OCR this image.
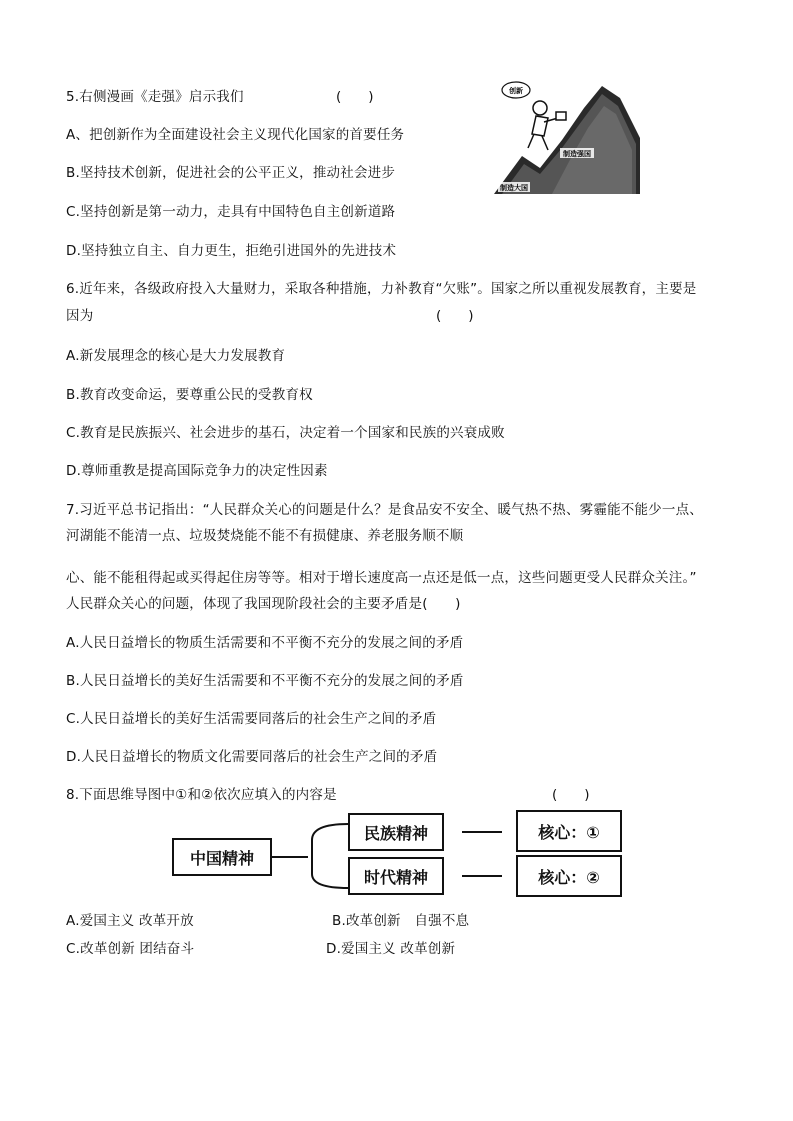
5.右侧漫画《走强》启示我们	(　　)	创新
制造强国
制造大国
A、把创新作为全面建设社会主义现代化国家的首要任务
B.坚持技术创新，促进社会的公平正义，推动社会进步
C.坚持创新是第一动力，走具有中国特色自主创新道路
D.坚持独立自主、自力更生，拒绝引进国外的先进技术
6.近年来，各级政府投入大量财力，采取各种措施，力补教育“欠账”。国家之所以重视发展教育，主要是
因为	(　　)
A.新发展理念的核心是大力发展教育
B.教育改变命运，要尊重公民的受教育权
C.教育是民族振兴、社会进步的基石，决定着一个国家和民族的兴衰成败
D.尊师重教是提高国际竞争力的决定性因素
7.习近平总书记指出：“人民群众关心的问题是什么？是食品安不安全、暖气热不热、雾霾能不能少一点、
河湖能不能清一点、垃圾焚烧能不能不有损健康、养老服务顺不顺
心、能不能租得起或买得起住房等等。相对于增长速度高一点还是低一点，这些问题更受人民群众关注。”
人民群众关心的问题，体现了我国现阶段社会的主要矛盾是(　　)
A.人民日益增长的物质生活需要和不平衡不充分的发展之间的矛盾
B.人民日益增长的美好生活需要和不平衡不充分的发展之间的矛盾
C.人民日益增长的美好生活需要同落后的社会生产之间的矛盾
D.人民日益增长的物质文化需要同落后的社会生产之间的矛盾
8.下面思维导图中①和②依次应填入的内容是	(　　)
中国精神
民族精神
时代精神
核心：①
核心：②
A.爱国主义 改革开放	B.改革创新　自强不息
C.改革创新 团结奋斗	D.爱国主义 改革创新
